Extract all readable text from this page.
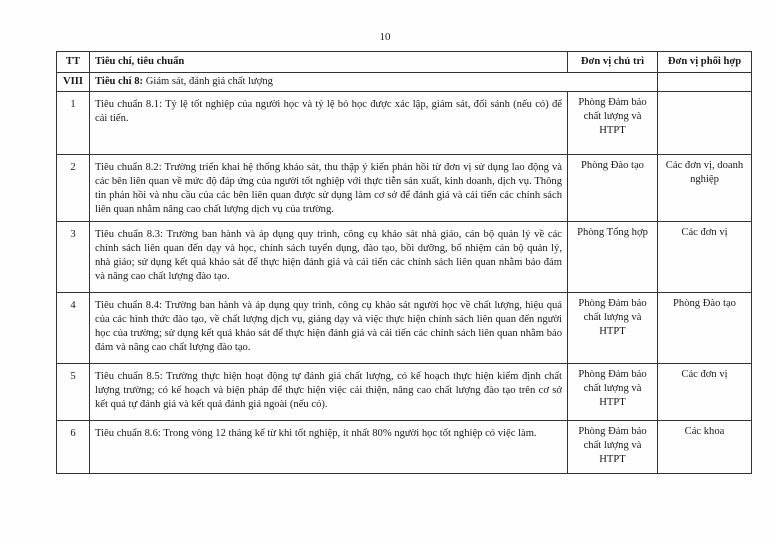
10
TT	Tiêu chí, tiêu chuẩn	Đơn vị chủ trì	Đơn vị phối hợp
VIII	Tiêu chí 8: Giám sát, đánh giá chất lượng		
1	Tiêu chuẩn 8.1: Tỷ lệ tốt nghiệp của người học và tỷ lệ bỏ học được xác lập, giám sát, đối sánh (nếu có) để cải tiến.	Phòng Đảm bảo chất lượng và HTPT	
2	Tiêu chuẩn 8.2: Trường triển khai hệ thống khảo sát, thu thập ý kiến phản hồi từ đơn vị sử dụng lao động và các bên liên quan về mức độ đáp ứng của người tốt nghiệp với thực tiễn sản xuất, kinh doanh, dịch vụ. Thông tin phản hồi và nhu cầu của các bên liên quan được sử dụng làm cơ sở để đánh giá và cải tiến các chính sách liên quan nhằm nâng cao chất lượng dịch vụ của trường.	Phòng Đào tạo	Các đơn vị, doanh nghiệp
3	Tiêu chuẩn 8.3: Trường ban hành và áp dụng quy trình, công cụ khảo sát nhà giáo, cán bộ quản lý về các chính sách liên quan đến dạy và học, chính sách tuyển dụng, đào tạo, bồi dưỡng, bổ nhiệm cán bộ quản lý, nhà giáo; sử dụng kết quả khảo sát để thực hiện đánh giá và cải tiến các chính sách liên quan nhằm bảo đảm và nâng cao chất lượng đào tạo.	Phòng Tổng hợp	Các đơn vị
4	Tiêu chuẩn 8.4: Trường ban hành và áp dụng quy trình, công cụ khảo sát người học về chất lượng, hiệu quả của các hình thức đào tạo, về chất lượng dịch vụ, giảng dạy và việc thực hiện chính sách liên quan đến người học của trường; sử dụng kết quả khảo sát để thực hiện đánh giá và cải tiến các chính sách liên quan nhằm bảo đảm và nâng cao chất lượng đào tạo.	Phòng Đảm bảo chất lượng và HTPT	Phòng Đào tạo
5	Tiêu chuẩn 8.5: Trường thực hiện hoạt động tự đánh giá chất lượng, có kế hoạch thực hiện kiểm định chất lượng trường; có kế hoạch và biện pháp để thực hiện việc cải thiện, nâng cao chất lượng đào tạo trên cơ sở kết quả tự đánh giá và kết quả đánh giá ngoài (nếu có).	Phòng Đảm bảo chất lượng và HTPT	Các đơn vị
6	Tiêu chuẩn 8.6: Trong vòng 12 tháng kể từ khi tốt nghiệp, ít nhất 80% người học tốt nghiệp có việc làm.	Phòng Đảm bảo chất lượng và HTPT	Các khoa
